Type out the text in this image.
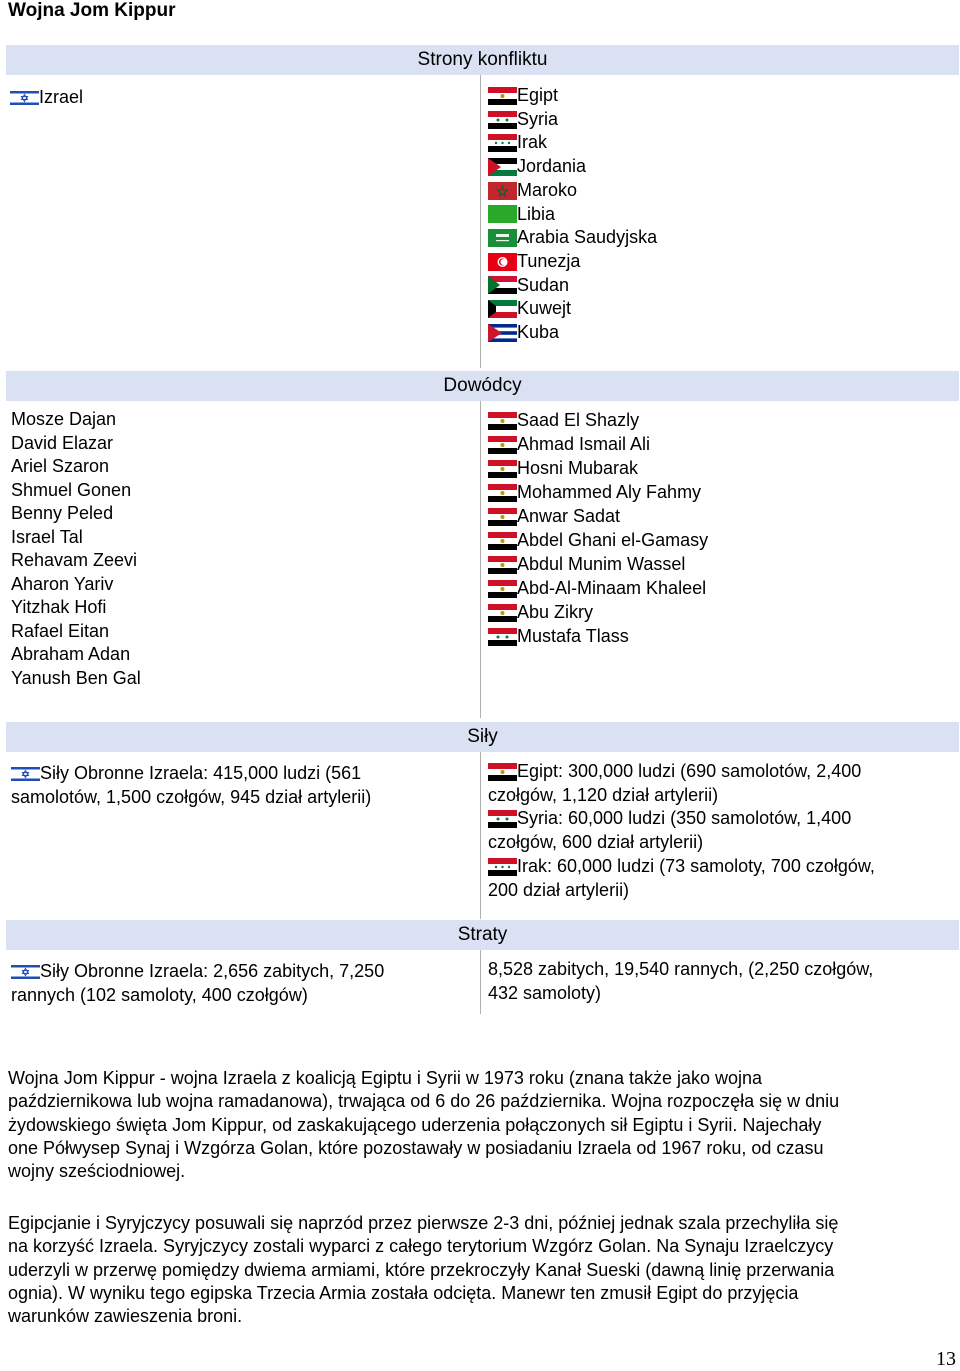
Wojna Jom Kippur
Strony konfliktu
Izrael	Egipt
Syria
Irak
Jordania
Maroko
Libia
Arabia Saudyjska
Tunezja
Sudan
Kuwejt
Kuba
Dowódcy
Mosze Dajan
David Elazar
Ariel Szaron
Shmuel Gonen
Benny Peled
Israel Tal
Rehavam Zeevi
Aharon Yariv
Yitzhak Hofi
Rafael Eitan
Abraham Adan
Yanush Ben Gal
Saad El Shazly
Ahmad Ismail Ali
Hosni Mubarak
Mohammed Aly Fahmy
Anwar Sadat
Abdel Ghani el-Gamasy
Abdul Munim Wassel
Abd-Al-Minaam Khaleel
Abu Zikry
Mustafa Tlass
Siły
Siły Obronne Izraela: 415,000 ludzi (561
samolotów, 1,500 czołgów, 945 dział artylerii)
Egipt: 300,000 ludzi (690 samolotów, 2,400
czołgów, 1,120 dział artylerii)
Syria: 60,000 ludzi (350 samolotów, 1,400
czołgów, 600 dział artylerii)
Irak: 60,000 ludzi (73 samoloty, 700 czołgów,
200 dział artylerii)
Straty
Siły Obronne Izraela: 2,656 zabitych, 7,250
rannych (102 samoloty, 400 czołgów)
8,528 zabitych, 19,540 rannych, (2,250 czołgów,
432 samoloty)
Wojna Jom Kippur - wojna Izraela z koalicją Egiptu i Syrii w 1973 roku (znana także jako wojna
październikowa lub wojna ramadanowa), trwająca od 6 do 26 października. Wojna rozpoczęła się w dniu
żydowskiego święta Jom Kippur, od zaskakującego uderzenia połączonych sił Egiptu i Syrii. Najechały
one Półwysep Synaj i Wzgórza Golan, które pozostawały w posiadaniu Izraela od 1967 roku, od czasu
wojny sześciodniowej.
Egipcjanie i Syryjczycy posuwali się naprzód przez pierwsze 2-3 dni, później jednak szala przechyliła się
na korzyść Izraela. Syryjczycy zostali wyparci z całego terytorium Wzgórz Golan. Na Synaju Izraelczycy
uderzyli w przerwę pomiędzy dwiema armiami, które przekroczyły Kanał Sueski (dawną linię przerwania
ognia). W wyniku tego egipska Trzecia Armia została odcięta. Manewr ten zmusił Egipt do przyjęcia
warunków zawieszenia broni.
13
